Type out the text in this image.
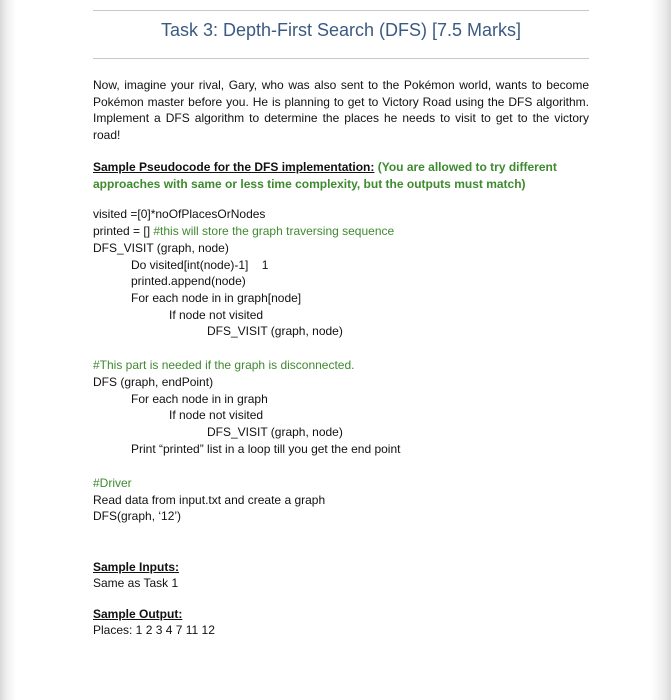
Task 3: Depth-First Search (DFS) [7.5 Marks]
Now, imagine your rival, Gary, who was also sent to the Pokémon world, wants to become Pokémon master before you. He is planning to get to Victory Road using the DFS algorithm. Implement a DFS algorithm to determine the places he needs to visit to get to the victory road!
Sample Pseudocode for the DFS implementation: (You are allowed to try different approaches with same or less time complexity, but the outputs must match)
visited =[0]*noOfPlacesOrNodes
printed = [] #this will store the graph traversing sequence
DFS_VISIT (graph, node)
Do visited[int(node)-1]    1
printed.append(node)
For each node in in graph[node]
If node not visited
DFS_VISIT (graph, node)
#This part is needed if the graph is disconnected.
DFS (graph, endPoint)
For each node in in graph
If node not visited
DFS_VISIT (graph, node)
Print “printed” list in a loop till you get the end point
#Driver
Read data from input.txt and create a graph
DFS(graph, ‘12’)
Sample Inputs:
Same as Task 1
Sample Output:
Places: 1 2 3 4 7 11 12
